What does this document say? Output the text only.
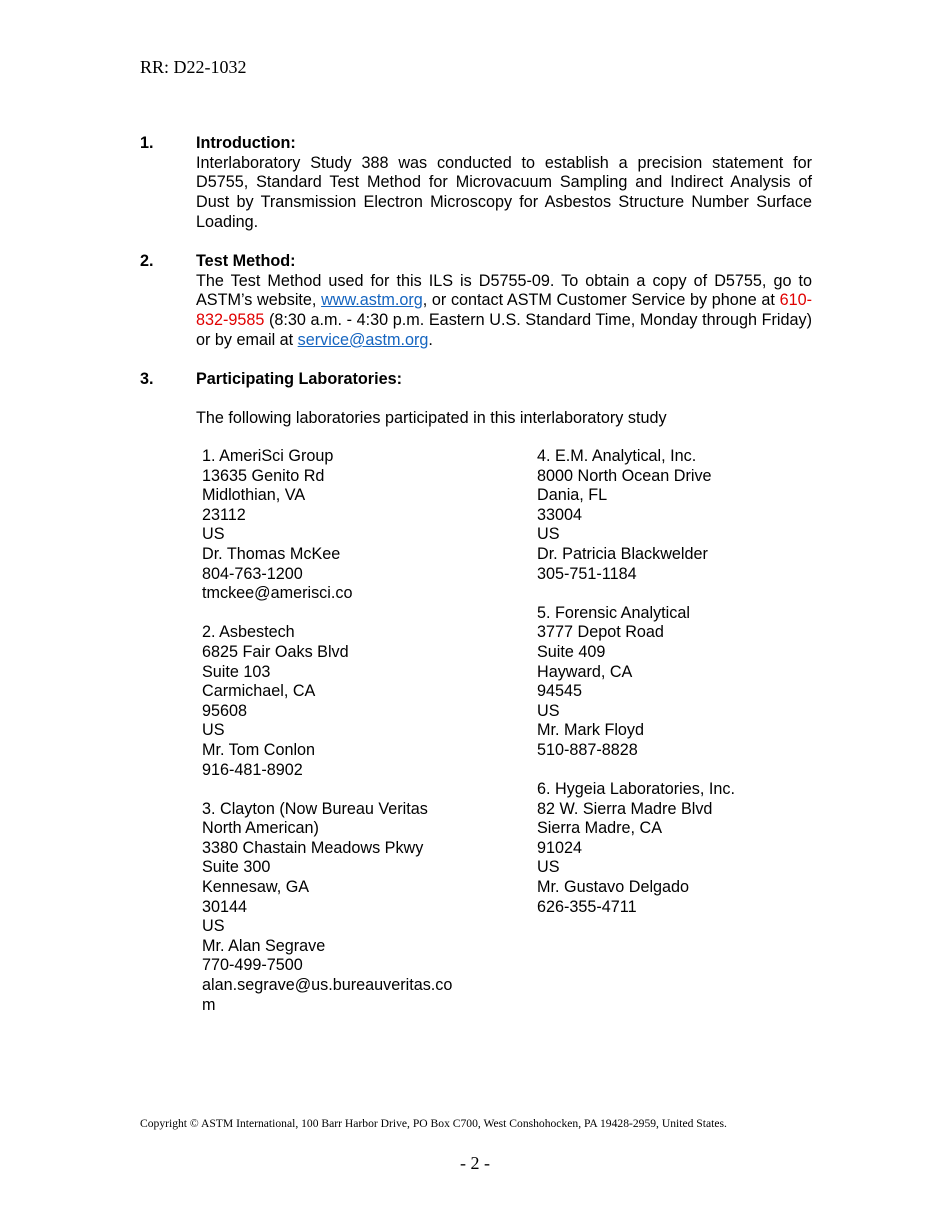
RR: D22-1032
1.	Introduction:
Interlaboratory Study 388 was conducted to establish a precision statement for D5755, Standard Test Method for Microvacuum Sampling and Indirect Analysis of Dust by Transmission Electron Microscopy for Asbestos Structure Number Surface Loading.
2.	Test Method:
The Test Method used for this ILS is D5755-09. To obtain a copy of D5755, go to ASTM’s website, www.astm.org, or contact ASTM Customer Service by phone at 610-832-9585 (8:30 a.m. - 4:30 p.m. Eastern U.S. Standard Time, Monday through Friday) or by email at service@astm.org.
3.	Participating Laboratories:
The following laboratories participated in this interlaboratory study
1. AmeriSci Group
13635 Genito Rd
Midlothian, VA
23112
US
Dr. Thomas McKee
804-763-1200
tmckee@amerisci.co
2. Asbestech
6825 Fair Oaks Blvd
Suite 103
Carmichael, CA
95608
US
Mr. Tom Conlon
916-481-8902
3. Clayton (Now Bureau Veritas
North American)
3380 Chastain Meadows Pkwy
Suite 300
Kennesaw, GA
30144
US
Mr. Alan Segrave
770-499-7500
alan.segrave@us.bureauveritas.co
m
4. E.M. Analytical, Inc.
8000 North Ocean Drive
Dania, FL
33004
US
Dr. Patricia Blackwelder
305-751-1184
5. Forensic Analytical
3777 Depot Road
Suite 409
Hayward, CA
94545
US
Mr. Mark Floyd
510-887-8828
6. Hygeia Laboratories, Inc.
82 W. Sierra Madre Blvd
Sierra Madre, CA
91024
US
Mr. Gustavo Delgado
626-355-4711
Copyright © ASTM International, 100 Barr Harbor Drive, PO Box C700, West Conshohocken, PA 19428-2959, United States.
- 2 -
